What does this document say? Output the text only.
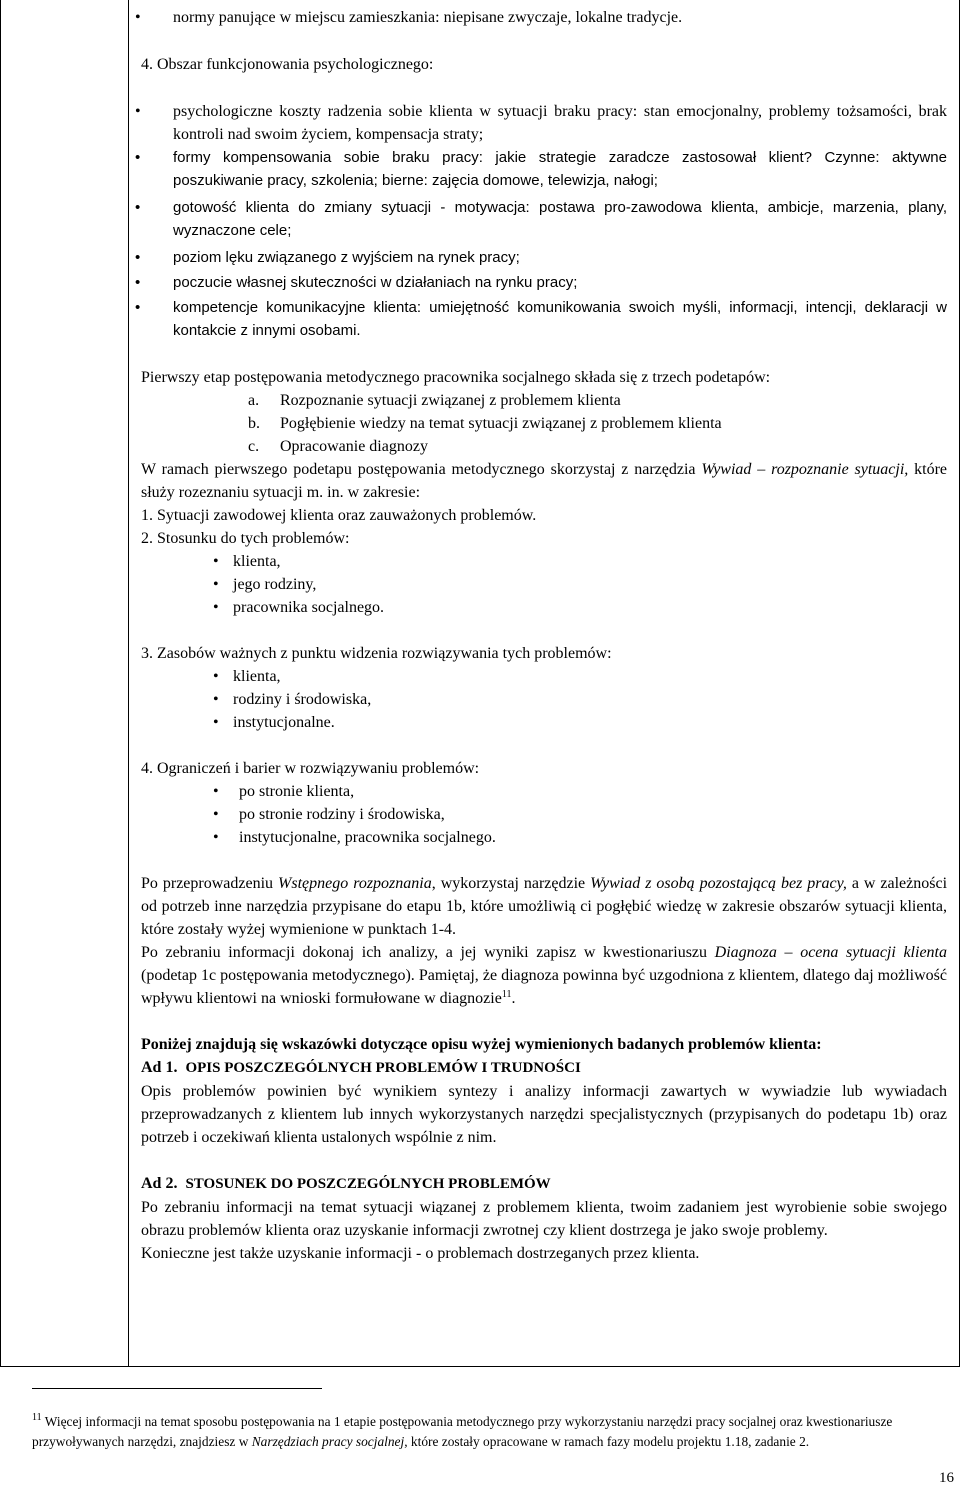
• normy panujące w miejscu zamieszkania: niepisane zwyczaje, lokalne tradycje.
4. Obszar funkcjonowania psychologicznego:
• psychologiczne koszty radzenia sobie klienta w sytuacji braku pracy: stan emocjonalny, problemy tożsamości, brak kontroli nad swoim życiem, kompensacja straty;
• formy kompensowania sobie braku pracy: jakie strategie zaradcze zastosował klient? Czynne: aktywne poszukiwanie pracy, szkolenia; bierne: zajęcia domowe, telewizja, nałogi;
• gotowość klienta do zmiany sytuacji - motywacja: postawa pro-zawodowa klienta, ambicje, marzenia, plany, wyznaczone cele;
• poziom lęku związanego z wyjściem na rynek pracy;
• poczucie własnej skuteczności w działaniach na rynku pracy;
• kompetencje komunikacyjne klienta: umiejętność komunikowania swoich myśli, informacji, intencji, deklaracji w kontakcie z innymi osobami.
Pierwszy etap postępowania metodycznego pracownika socjalnego składa się z trzech podetapów:
a.	Rozpoznanie sytuacji związanej z problemem klienta
b.	Pogłębienie wiedzy na temat sytuacji związanej z problemem klienta
c.	Opracowanie diagnozy
W ramach pierwszego podetapu postępowania metodycznego skorzystaj z narzędzia Wywiad – rozpoznanie sytuacji, które służy rozeznaniu sytuacji m. in. w zakresie:
1. Sytuacji zawodowej klienta oraz zauważonych problemów.
2. Stosunku do tych problemów:
• klienta,
• jego rodziny,
• pracownika socjalnego.
3. Zasobów ważnych z punktu widzenia rozwiązywania tych problemów:
• klienta,
• rodziny i środowiska,
• instytucjonalne.
4. Ograniczeń i barier w rozwiązywaniu problemów:
• po stronie klienta,
• po stronie rodziny i środowiska,
• instytucjonalne, pracownika socjalnego.
Po przeprowadzeniu Wstępnego rozpoznania, wykorzystaj narzędzie Wywiad z osobą pozostającą bez pracy, a w zależności od potrzeb inne narzędzia przypisane do etapu 1b, które umożliwią ci pogłębić wiedzę w zakresie obszarów sytuacji klienta, które zostały wyżej wymienione w punktach 1-4.
Po zebraniu informacji dokonaj ich analizy, a jej wyniki zapisz w kwestionariuszu Diagnoza – ocena sytuacji klienta (podetap 1c postępowania metodycznego). Pamiętaj, że diagnoza powinna być uzgodniona z klientem, dlatego daj możliwość wpływu klientowi na wnioski formułowane w diagnozie$^{11}$.
Poniżej znajdują się wskazówki dotyczące opisu wyżej wymienionych badanych problemów klienta:
Ad 1. OPIS POSZCZEGÓLNYCH PROBLEMÓW I TRUDNOŚCI
Opis problemów powinien być wynikiem syntezy i analizy informacji zawartych w wywiadzie lub wywiadach przeprowadzanych z klientem lub innych wykorzystanych narzędzi specjalistycznych (przypisanych do podetapu 1b) oraz potrzeb i oczekiwań klienta ustalonych wspólnie z nim.
Ad 2. STOSUNEK DO POSZCZEGÓLNYCH PROBLEMÓW
Po zebraniu informacji na temat sytuacji wiązanej z problemem klienta, twoim zadaniem jest wyrobienie sobie swojego obrazu problemów klienta oraz uzyskanie informacji zwrotnej czy klient dostrzega je jako swoje problemy.
Konieczne jest także uzyskanie informacji - o problemach dostrzeganych przez klienta.
$^{11}$ Więcej informacji na temat sposobu postępowania na 1 etapie postępowania metodycznego przy wykorzystaniu narzędzi pracy socjalnej oraz kwestionariusze przywoływanych narzędzi, znajdziesz w Narzędziach pracy socjalnej, które zostały opracowane w ramach fazy modelu projektu 1.18, zadanie 2.
16
